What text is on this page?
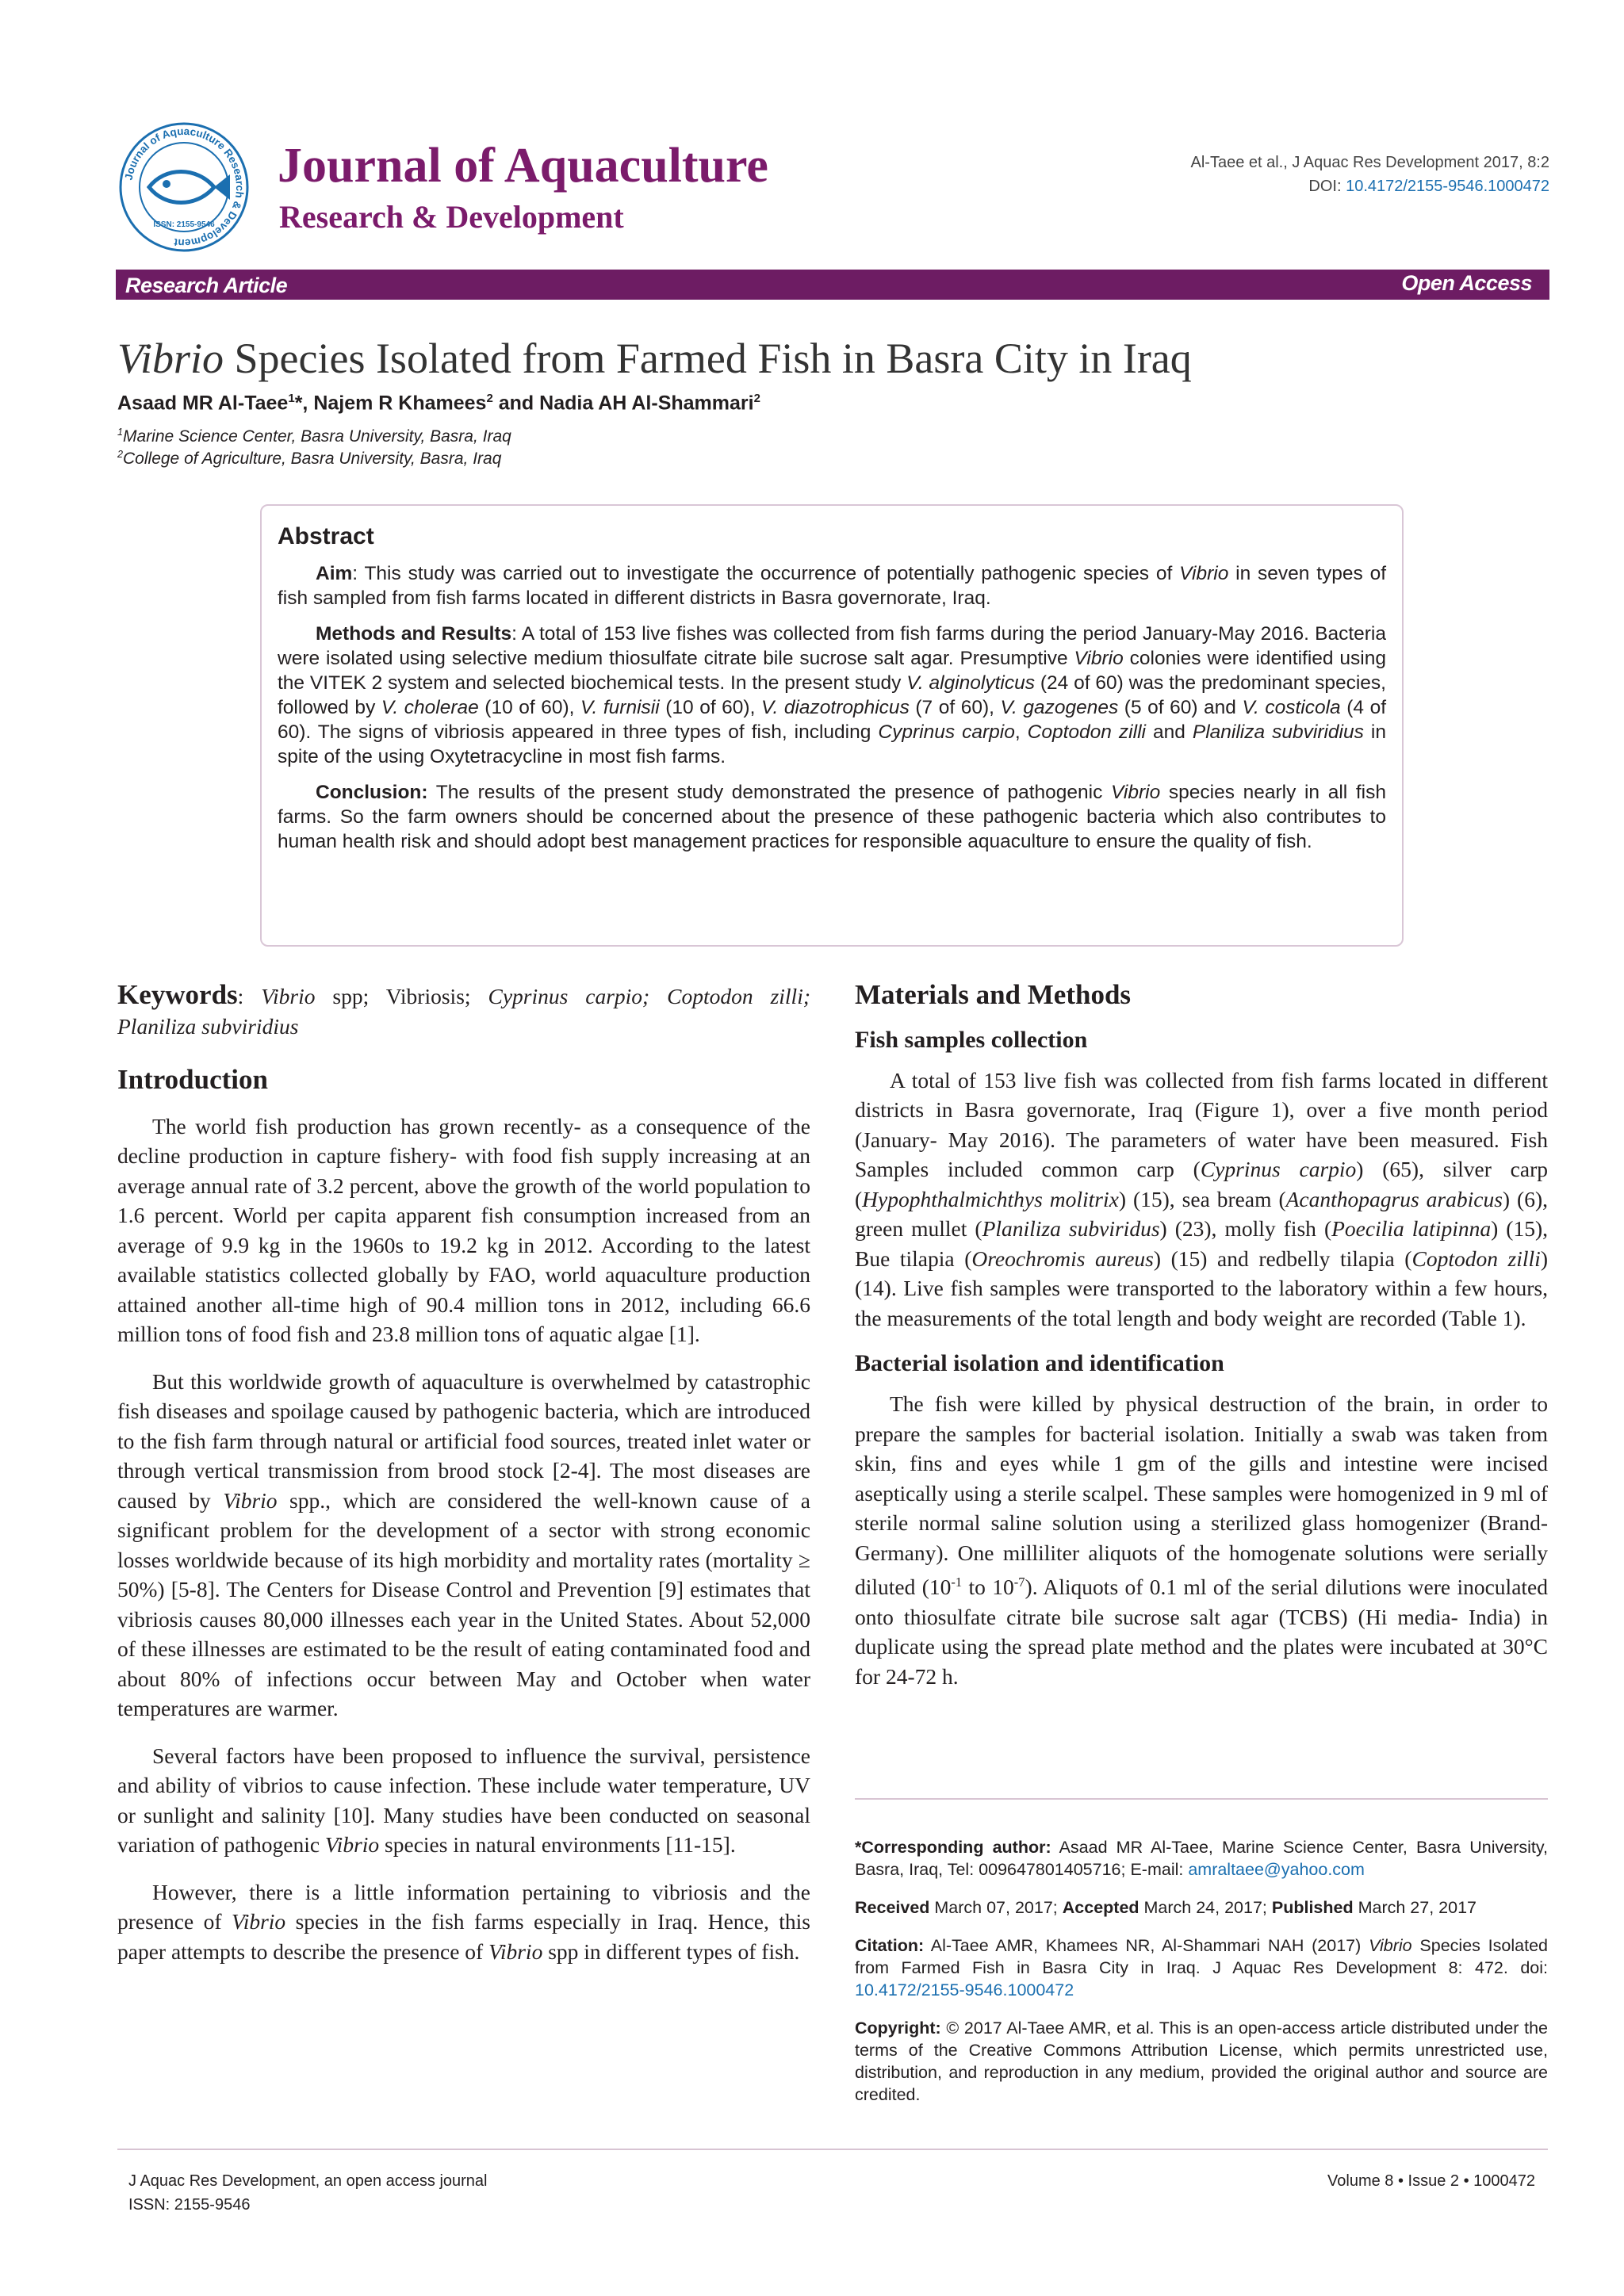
Journal of Aquaculture Research & Development
ISSN: 2155-9546
Journal of Aquaculture
Research & Development
Al-Taee et al., J Aquac Res Development 2017, 8:2
DOI: 10.4172/2155-9546.1000472
Research Article	Open Access
Vibrio Species Isolated from Farmed Fish in Basra City in Iraq
Asaad MR Al-Taee$^1$*, Najem R Khamees$^2$ and Nadia AH Al-Shammari$^2$
$^1$Marine Science Center, Basra University, Basra, Iraq
$^2$College of Agriculture, Basra University, Basra, Iraq
Abstract

Aim: This study was carried out to investigate the occurrence of potentially pathogenic species of Vibrio in seven types of fish sampled from fish farms located in different districts in Basra governorate, Iraq.

Methods and Results: A total of 153 live fishes was collected from fish farms during the period January-May 2016. Bacteria were isolated using selective medium thiosulfate citrate bile sucrose salt agar. Presumptive Vibrio colonies were identified using the VITEK 2 system and selected biochemical tests. In the present study V. alginolyticus (24 of 60) was the predominant species, followed by V. cholerae (10 of 60), V. furnisii (10 of 60), V. diazotrophicus (7 of 60), V. gazogenes (5 of 60) and V. costicola (4 of 60). The signs of vibriosis appeared in three types of fish, including Cyprinus carpio, Coptodon zilli and Planiliza subviridius in spite of the using Oxytetracycline in most fish farms.

Conclusion: The results of the present study demonstrated the presence of pathogenic Vibrio species nearly in all fish farms. So the farm owners should be concerned about the presence of these pathogenic bacteria which also contributes to human health risk and should adopt best management practices for responsible aquaculture to ensure the quality of fish.

Keywords: Vibrio spp; Vibriosis; Cyprinus carpio; Coptodon zilli; Planiliza subviridius
Introduction

The world fish production has grown recently- as a consequence of the decline production in capture fishery- with food fish supply increasing at an average annual rate of 3.2 percent, above the growth of the world population to 1.6 percent. World per capita apparent fish consumption increased from an average of 9.9 kg in the 1960s to 19.2 kg in 2012. According to the latest available statistics collected globally by FAO, world aquaculture production attained another all-time high of 90.4 million tons in 2012, including 66.6 million tons of food fish and 23.8 million tons of aquatic algae [1].

But this worldwide growth of aquaculture is overwhelmed by catastrophic fish diseases and spoilage caused by pathogenic bacteria, which are introduced to the fish farm through natural or artificial food sources, treated inlet water or through vertical transmission from brood stock [2-4]. The most diseases are caused by Vibrio spp., which are considered the well-known cause of a significant problem for the development of a sector with strong economic losses worldwide because of its high morbidity and mortality rates (mortality ≥ 50%) [5-8]. The Centers for Disease Control and Prevention [9] estimates that vibriosis causes 80,000 illnesses each year in the United States. About 52,000 of these illnesses are estimated to be the result of eating contaminated food and about 80% of infections occur between May and October when water temperatures are warmer.

Several factors have been proposed to influence the survival, persistence and ability of vibrios to cause infection. These include water temperature, UV or sunlight and salinity [10]. Many studies have been conducted on seasonal variation of pathogenic Vibrio species in natural environments [11-15].

However, there is a little information pertaining to vibriosis and the presence of Vibrio species in the fish farms especially in Iraq. Hence, this paper attempts to describe the presence of Vibrio spp in different types of fish.

Materials and Methods
Fish samples collection

A total of 153 live fish was collected from fish farms located in different districts in Basra governorate, Iraq (Figure 1), over a five month period (January- May 2016). The parameters of water have been measured. Fish Samples included common carp (Cyprinus carpio) (65), silver carp (Hypophthalmichthys molitrix) (15), sea bream (Acanthopagrus arabicus) (6), green mullet (Planiliza subviridus) (23), molly fish (Poecilia latipinna) (15), Bue tilapia (Oreochromis aureus) (15) and redbelly tilapia (Coptodon zilli) (14). Live fish samples were transported to the laboratory within a few hours, the measurements of the total length and body weight are recorded (Table 1).

Bacterial isolation and identification

The fish were killed by physical destruction of the brain, in order to prepare the samples for bacterial isolation. Initially a swab was taken from skin, fins and eyes while 1 gm of the gills and intestine were incised aseptically using a sterile scalpel. These samples were homogenized in 9 ml of sterile normal saline solution using a sterilized glass homogenizer (Brand- Germany). One milliliter aliquots of the homogenate solutions were serially diluted ($10^{-1}$ to $10^{-7}$). Aliquots of 0.1 ml of the serial dilutions were inoculated onto thiosulfate citrate bile sucrose salt agar (TCBS) (Hi media- India) in duplicate using the spread plate method and the plates were incubated at 30°C for 24-72 h.

*Corresponding author: Asaad MR Al-Taee, Marine Science Center, Basra University, Basra, Iraq, Tel: 009647801405716; E-mail: amraltaee@yahoo.com

Received March 07, 2017; Accepted March 24, 2017; Published March 27, 2017

Citation: Al-Taee AMR, Khamees NR, Al-Shammari NAH (2017) Vibrio Species Isolated from Farmed Fish in Basra City in Iraq. J Aquac Res Development 8: 472. doi: 10.4172/2155-9546.1000472

Copyright: © 2017 Al-Taee AMR, et al. This is an open-access article distributed under the terms of the Creative Commons Attribution License, which permits unrestricted use, distribution, and reproduction in any medium, provided the original author and source are credited.

J Aquac Res Development, an open access journal
ISSN: 2155-9546
Volume 8 • Issue 2 • 1000472
